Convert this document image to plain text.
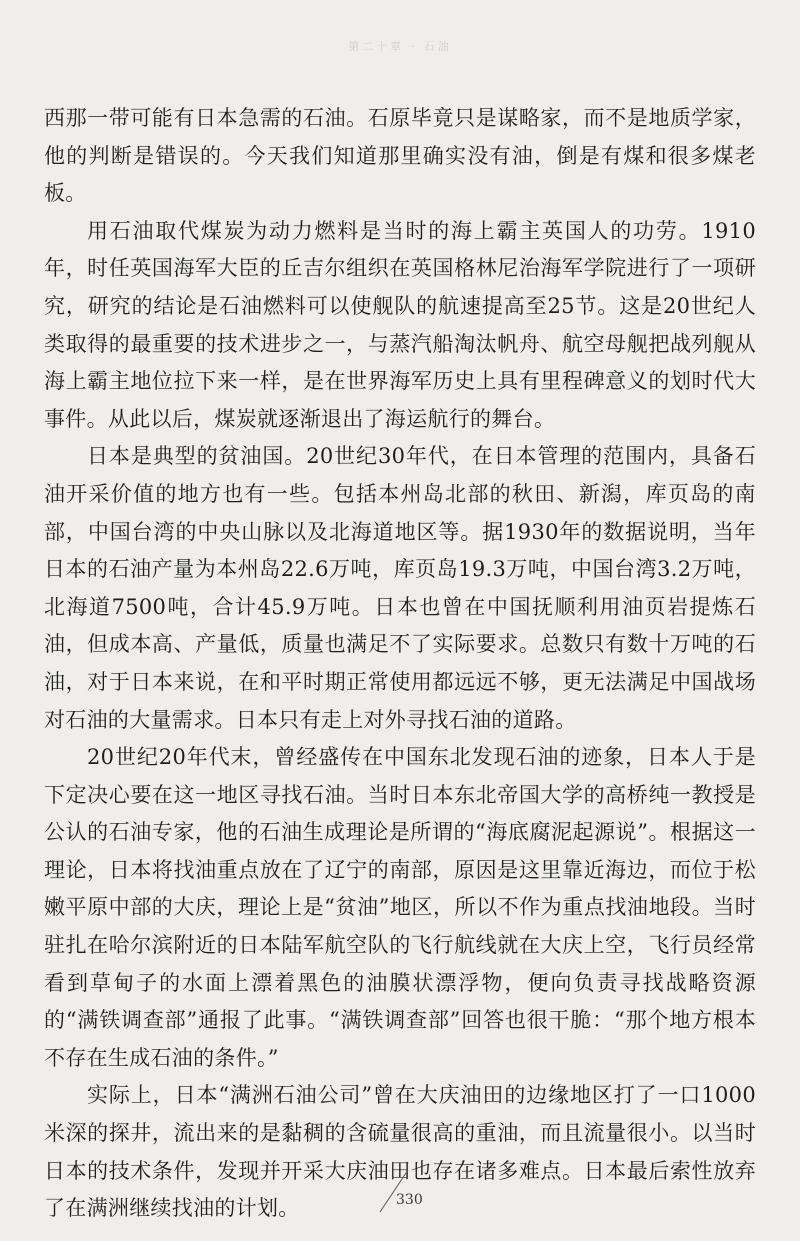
第二十章 · 石油

西那一带可能有日本急需的石油。石原毕竟只是谋略家，而不是地质学家，他的判断是错误的。今天我们知道那里确实没有油，倒是有煤和很多煤老板。

用石油取代煤炭为动力燃料是当时的海上霸主英国人的功劳。1910年，时任英国海军大臣的丘吉尔组织在英国格林尼治海军学院进行了一项研究，研究的结论是石油燃料可以使舰队的航速提高至25节。这是20世纪人类取得的最重要的技术进步之一，与蒸汽船淘汰帆舟、航空母舰把战列舰从海上霸主地位拉下来一样，是在世界海军历史上具有里程碑意义的划时代大事件。从此以后，煤炭就逐渐退出了海运航行的舞台。

日本是典型的贫油国。20世纪30年代，在日本管理的范围内，具备石油开采价值的地方也有一些。包括本州岛北部的秋田、新潟，库页岛的南部，中国台湾的中央山脉以及北海道地区等。据1930年的数据说明，当年日本的石油产量为本州岛22.6万吨，库页岛19.3万吨，中国台湾3.2万吨，北海道7500吨，合计45.9万吨。日本也曾在中国抚顺利用油页岩提炼石油，但成本高、产量低，质量也满足不了实际要求。总数只有数十万吨的石油，对于日本来说，在和平时期正常使用都远远不够，更无法满足中国战场对石油的大量需求。日本只有走上对外寻找石油的道路。

20世纪20年代末，曾经盛传在中国东北发现石油的迹象，日本人于是下定决心要在这一地区寻找石油。当时日本东北帝国大学的高桥纯一教授是公认的石油专家，他的石油生成理论是所谓的“海底腐泥起源说”。根据这一理论，日本将找油重点放在了辽宁的南部，原因是这里靠近海边，而位于松嫩平原中部的大庆，理论上是“贫油”地区，所以不作为重点找油地段。当时驻扎在哈尔滨附近的日本陆军航空队的飞行航线就在大庆上空，飞行员经常看到草甸子的水面上漂着黑色的油膜状漂浮物，便向负责寻找战略资源的“满铁调查部”通报了此事。“满铁调查部”回答也很干脆：“那个地方根本不存在生成石油的条件。”

实际上，日本“满洲石油公司”曾在大庆油田的边缘地区打了一口1000米深的探井，流出来的是黏稠的含硫量很高的重油，而且流量很小。以当时日本的技术条件，发现并开采大庆油田也存在诸多难点。日本最后索性放弃了在满洲继续找油的计划。	330
